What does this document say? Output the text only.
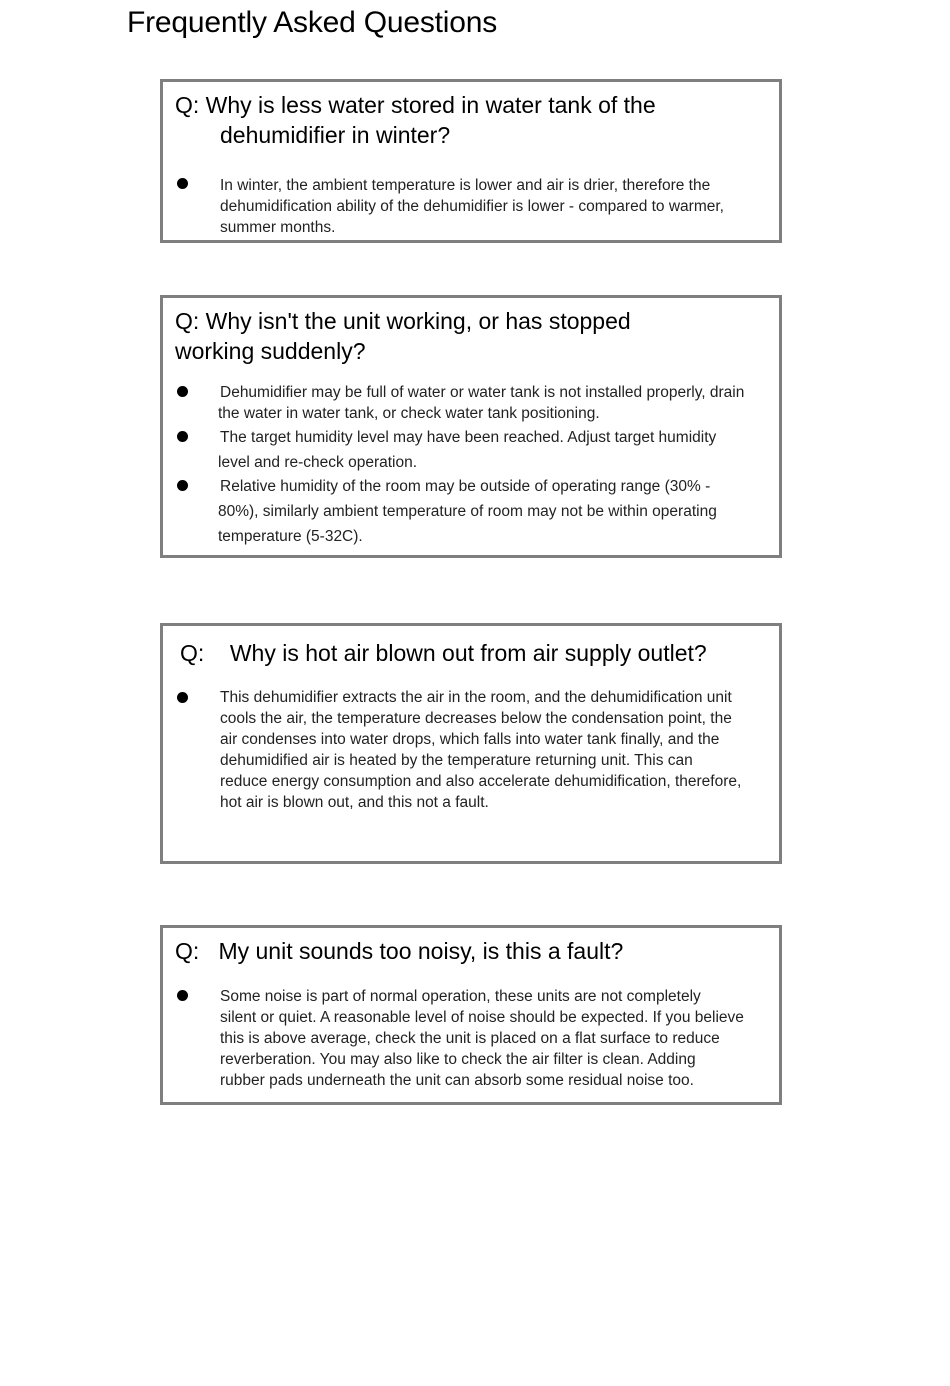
Frequently Asked Questions
Q: Why is less water stored in water tank of the
dehumidifier in winter?
In winter, the ambient temperature is lower and air is drier, therefore the
dehumidification ability of the dehumidifier is lower - compared to warmer,
summer months.
Q: Why isn't the unit working, or has stopped
working suddenly?
Dehumidifier may be full of water or water tank is not installed properly, drain
the water in water tank, or check water tank positioning.
The target humidity level may have been reached. Adjust target humidity
level and re-check operation.
Relative humidity of the room may be outside of operating range (30% -
80%), similarly ambient temperature of room may not be within operating
temperature (5-32C).
Q:    Why is hot air blown out from air supply outlet?
This dehumidifier extracts the air in the room, and the dehumidification unit
cools the air, the temperature decreases below the condensation point, the
air condenses into water drops, which falls into water tank finally, and the
dehumidified air is heated by the temperature returning unit. This can
reduce energy consumption and also accelerate dehumidification, therefore,
hot air is blown out, and this not a fault.
Q:   My unit sounds too noisy, is this a fault?
Some noise is part of normal operation, these units are not completely
silent or quiet. A reasonable level of noise should be expected. If you believe
this is above average, check the unit is placed on a flat surface to reduce
reverberation. You may also like to check the air filter is clean. Adding
rubber pads underneath the unit can absorb some residual noise too.
